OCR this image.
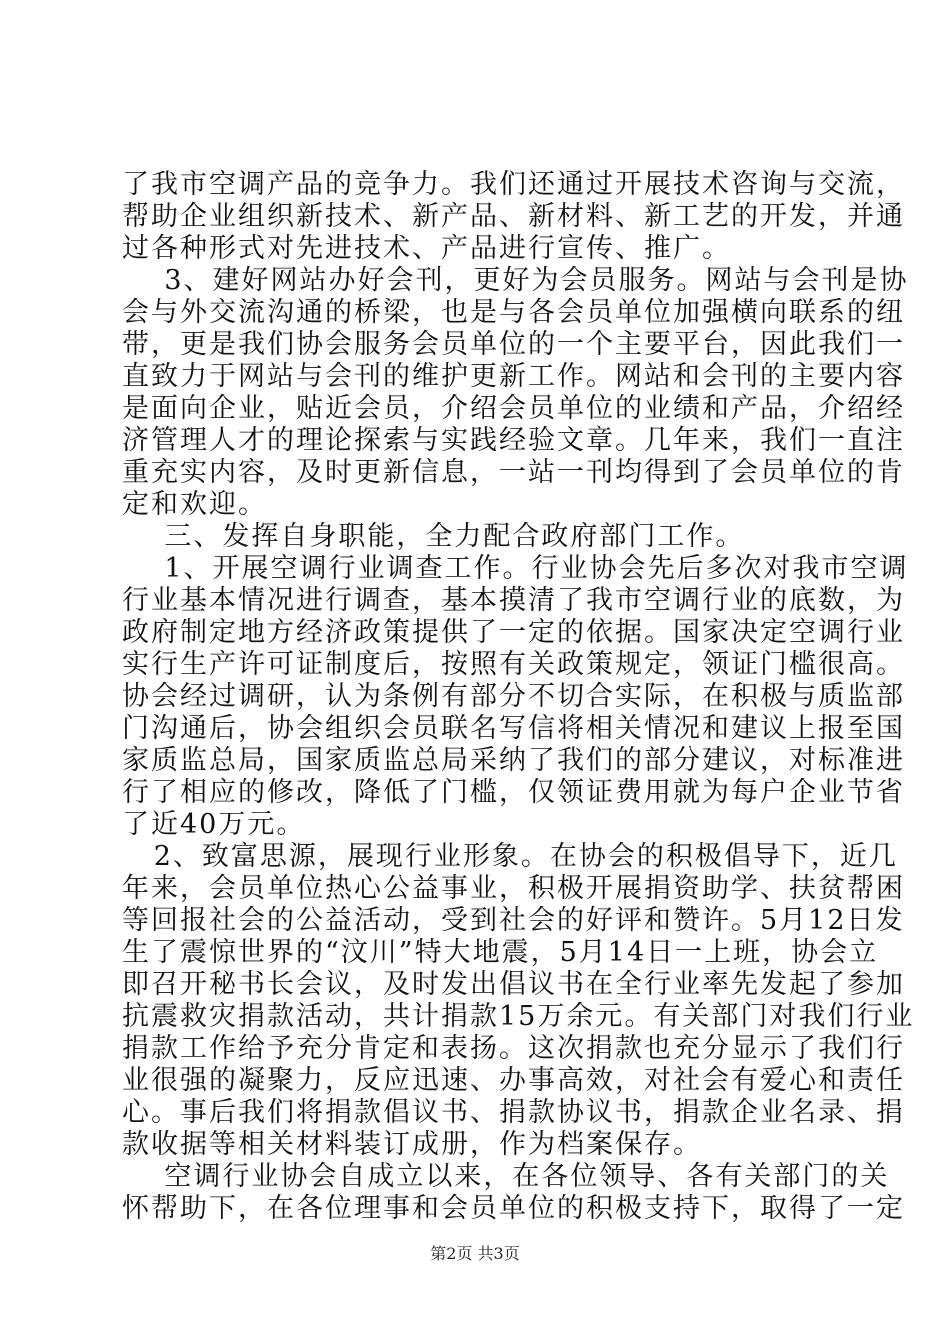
了我市空调产品的竞争力。我们还通过开展技术咨询与交流，
帮助企业组织新技术、新产品、新材料、新工艺的开发，并通
过各种形式对先进技术、产品进行宣传、推广。
3、建好网站办好会刊，更好为会员服务。网站与会刊是协
会与外交流沟通的桥梁，也是与各会员单位加强横向联系的纽
带，更是我们协会服务会员单位的一个主要平台，因此我们一
直致力于网站与会刊的维护更新工作。网站和会刊的主要内容
是面向企业，贴近会员，介绍会员单位的业绩和产品，介绍经
济管理人才的理论探索与实践经验文章。几年来，我们一直注
重充实内容，及时更新信息，一站一刊均得到了会员单位的肯
定和欢迎。
三、发挥自身职能，全力配合政府部门工作。
1、开展空调行业调查工作。行业协会先后多次对我市空调
行业基本情况进行调查，基本摸清了我市空调行业的底数，为
政府制定地方经济政策提供了一定的依据。国家决定空调行业
实行生产许可证制度后，按照有关政策规定，领证门槛很高。
协会经过调研，认为条例有部分不切合实际，在积极与质监部
门沟通后，协会组织会员联名写信将相关情况和建议上报至国
家质监总局，国家质监总局采纳了我们的部分建议，对标准进
行了相应的修改，降低了门槛，仅领证费用就为每户企业节省
了近40万元。
2、致富思源，展现行业形象。在协会的积极倡导下，近几
年来，会员单位热心公益事业，积极开展捐资助学、扶贫帮困
等回报社会的公益活动，受到社会的好评和赞许。5月12日发
生了震惊世界的“汶川”特大地震，5月14日一上班，协会立
即召开秘书长会议，及时发出倡议书在全行业率先发起了参加
抗震救灾捐款活动，共计捐款15万余元。有关部门对我们行业
捐款工作给予充分肯定和表扬。这次捐款也充分显示了我们行
业很强的凝聚力，反应迅速、办事高效，对社会有爱心和责任
心。事后我们将捐款倡议书、捐款协议书，捐款企业名录、捐
款收据等相关材料装订成册，作为档案保存。
空调行业协会自成立以来，在各位领导、各有关部门的关
怀帮助下，在各位理事和会员单位的积极支持下，取得了一定
第2页 共3页
